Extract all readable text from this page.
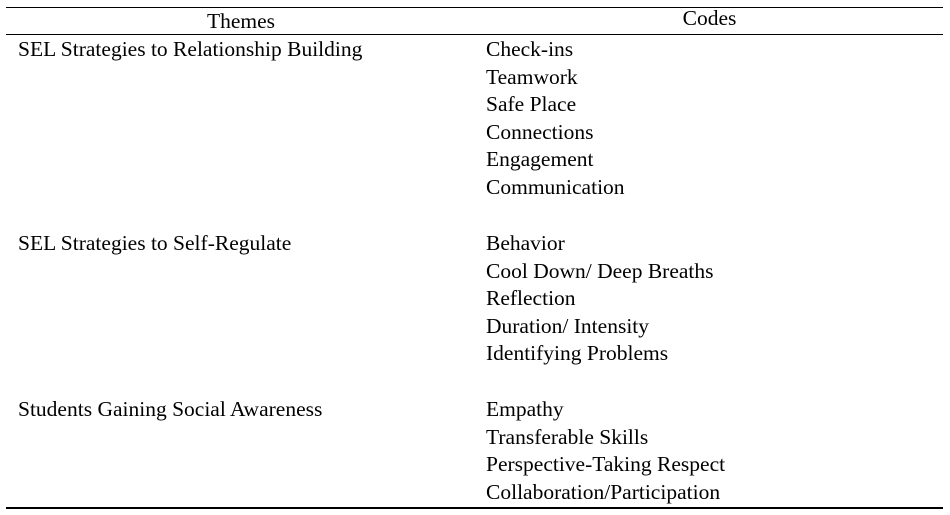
Themes	Codes
SEL Strategies to Relationship Building	Check-ins
Teamwork
Safe Place
Connections
Engagement
Communication
SEL Strategies to Self-Regulate	Behavior
Cool Down/ Deep Breaths
Reflection
Duration/ Intensity
Identifying Problems
Students Gaining Social Awareness	Empathy
Transferable Skills
Perspective-Taking Respect
Collaboration/Participation
